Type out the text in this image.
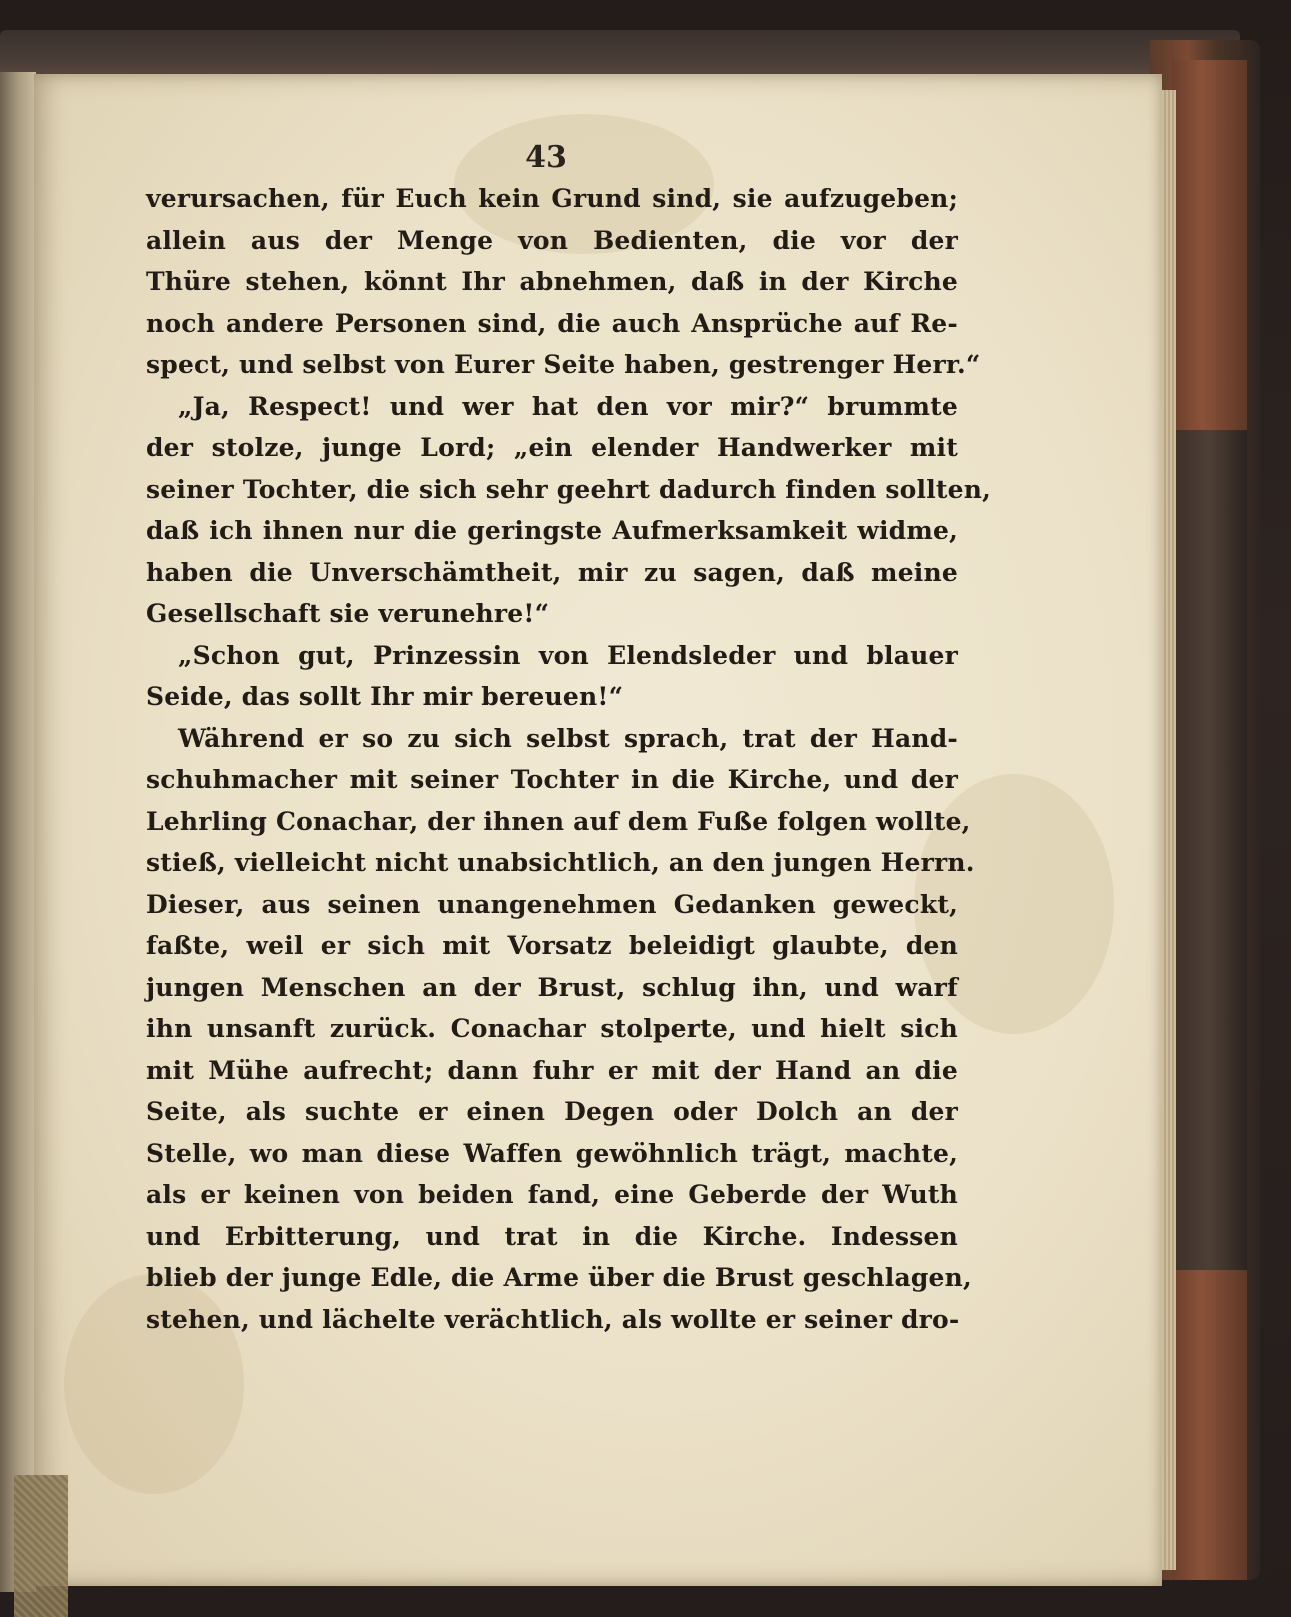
43

verursachen, für Euch kein Grund sind, sie aufzugeben;
allein aus der Menge von Bedienten, die vor der
Thüre stehen, könnt Ihr abnehmen, daß in der Kirche
noch andere Personen sind, die auch Ansprüche auf Re-
spect, und selbst von Eurer Seite haben, gestrenger Herr.“
„Ja, Respect! und wer hat den vor mir?“ brummte
der stolze, junge Lord; „ein elender Handwerker mit
seiner Tochter, die sich sehr geehrt dadurch finden sollten,
daß ich ihnen nur die geringste Aufmerksamkeit widme,
haben die Unverschämtheit, mir zu sagen, daß meine
Gesellschaft sie verunehre!“
„Schon gut, Prinzessin von Elendsleder und blauer
Seide, das sollt Ihr mir bereuen!“
Während er so zu sich selbst sprach, trat der Hand-
schuhmacher mit seiner Tochter in die Kirche, und der
Lehrling Conachar, der ihnen auf dem Fuße folgen wollte,
stieß, vielleicht nicht unabsichtlich, an den jungen Herrn.
Dieser, aus seinen unangenehmen Gedanken geweckt,
faßte, weil er sich mit Vorsatz beleidigt glaubte, den
jungen Menschen an der Brust, schlug ihn, und warf
ihn unsanft zurück. Conachar stolperte, und hielt sich
mit Mühe aufrecht; dann fuhr er mit der Hand an die
Seite, als suchte er einen Degen oder Dolch an der
Stelle, wo man diese Waffen gewöhnlich trägt, machte,
als er keinen von beiden fand, eine Geberde der Wuth
und Erbitterung, und trat in die Kirche. Indessen
blieb der junge Edle, die Arme über die Brust geschlagen,
stehen, und lächelte verächtlich, als wollte er seiner dro-
